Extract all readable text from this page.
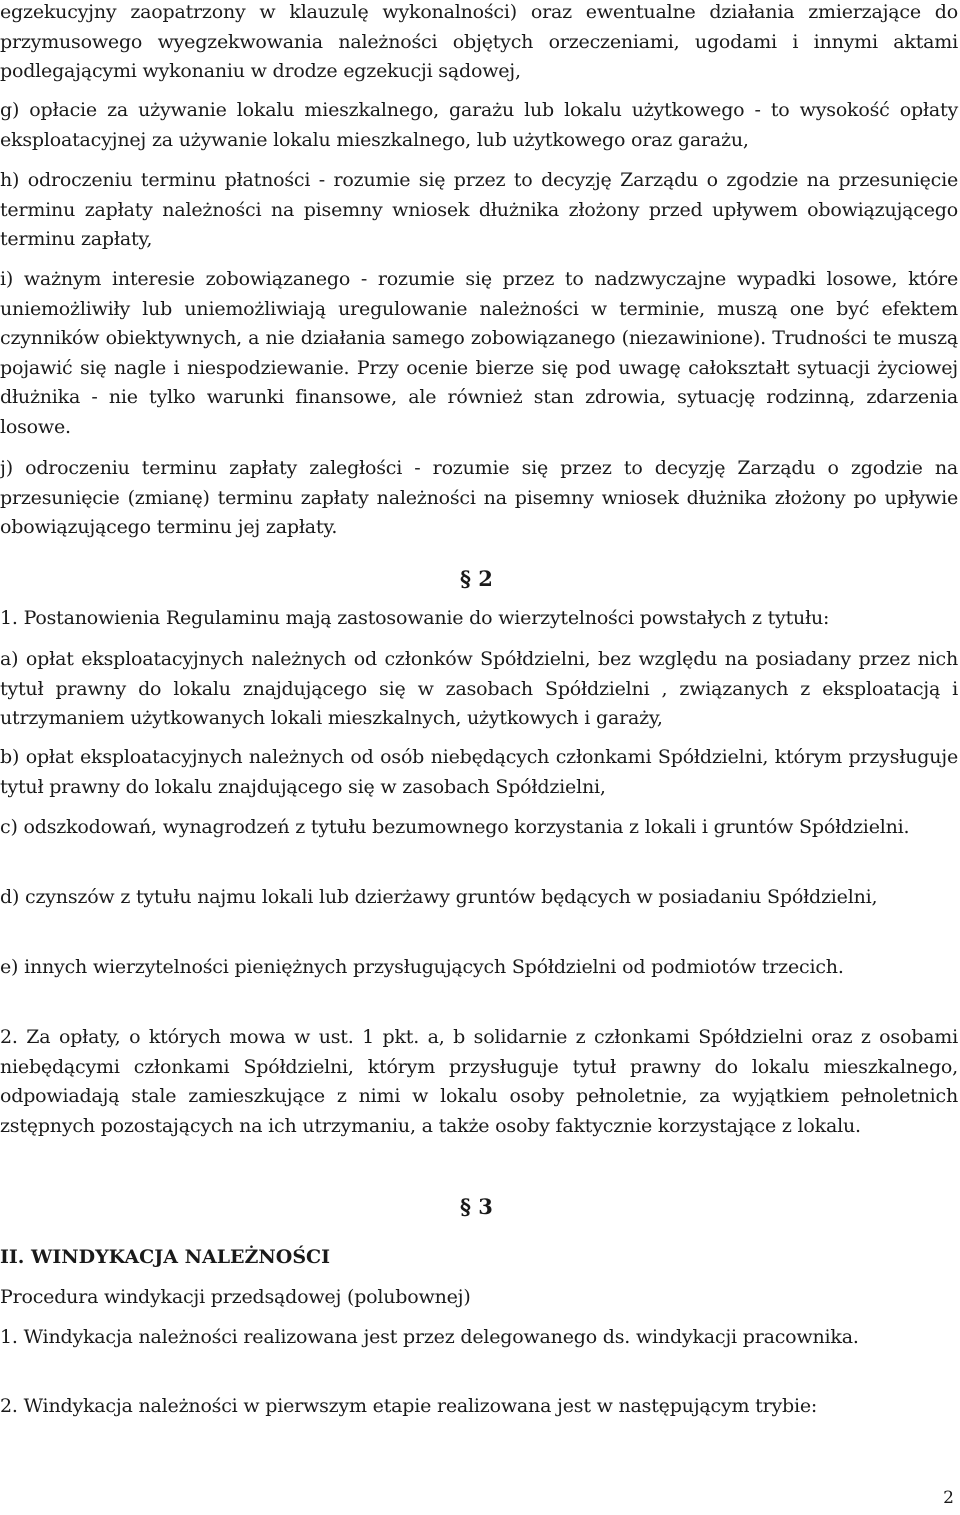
egzekucyjny zaopatrzony w klauzulę wykonalności) oraz ewentualne działania zmierzające do przymusowego wyegzekwowania należności objętych orzeczeniami, ugodami i innymi aktami podlegającymi wykonaniu w drodze egzekucji sądowej,

g) opłacie za używanie lokalu mieszkalnego, garażu lub lokalu użytkowego - to wysokość opłaty eksploatacyjnej za używanie lokalu mieszkalnego, lub użytkowego oraz garażu,

h) odroczeniu terminu płatności - rozumie się przez to decyzję Zarządu o zgodzie na przesunięcie terminu zapłaty należności na pisemny wniosek dłużnika złożony przed upływem obowiązującego terminu zapłaty,

i) ważnym interesie zobowiązanego - rozumie się przez to nadzwyczajne wypadki losowe, które uniemożliwiły lub uniemożliwiają uregulowanie należności w terminie, muszą one być efektem czynników obiektywnych, a nie działania samego zobowiązanego (niezawinione). Trudności te muszą pojawić się nagle i niespodziewanie. Przy ocenie bierze się pod uwagę całokształt sytuacji życiowej dłużnika - nie tylko warunki finansowe, ale również stan zdrowia, sytuację rodzinną, zdarzenia losowe.

j) odroczeniu terminu zapłaty zaległości - rozumie się przez to decyzję Zarządu o zgodzie na przesunięcie (zmianę) terminu zapłaty należności na pisemny wniosek dłużnika złożony po upływie obowiązującego terminu jej zapłaty.

§ 2

1. Postanowienia Regulaminu mają zastosowanie do wierzytelności powstałych z tytułu:

a) opłat eksploatacyjnych należnych od członków Spółdzielni, bez względu na posiadany przez nich tytuł prawny do lokalu znajdującego się w zasobach Spółdzielni , związanych z eksploatacją i utrzymaniem użytkowanych lokali mieszkalnych, użytkowych i garaży,

b) opłat eksploatacyjnych należnych od osób niebędących członkami Spółdzielni, którym przysługuje tytuł prawny do lokalu znajdującego się w zasobach Spółdzielni,

c) odszkodowań, wynagrodzeń z tytułu bezumownego korzystania z lokali i gruntów Spółdzielni.

d) czynszów z tytułu najmu lokali lub dzierżawy gruntów będących w posiadaniu Spółdzielni,

e) innych wierzytelności pieniężnych przysługujących Spółdzielni od podmiotów trzecich.

2. Za opłaty, o których mowa w ust. 1 pkt. a, b solidarnie z członkami Spółdzielni oraz z osobami niebędącymi członkami Spółdzielni, którym przysługuje tytuł prawny do lokalu mieszkalnego, odpowiadają stale zamieszkujące z nimi w lokalu osoby pełnoletnie, za wyjątkiem pełnoletnich zstępnych pozostających na ich utrzymaniu, a także osoby faktycznie korzystające z lokalu.

§ 3

II. WINDYKACJA NALEŻNOŚCI

Procedura windykacji przedsądowej (polubownej)

1. Windykacja należności realizowana jest przez delegowanego ds. windykacji pracownika.

2. Windykacja należności w pierwszym etapie realizowana jest w następującym trybie:

2
